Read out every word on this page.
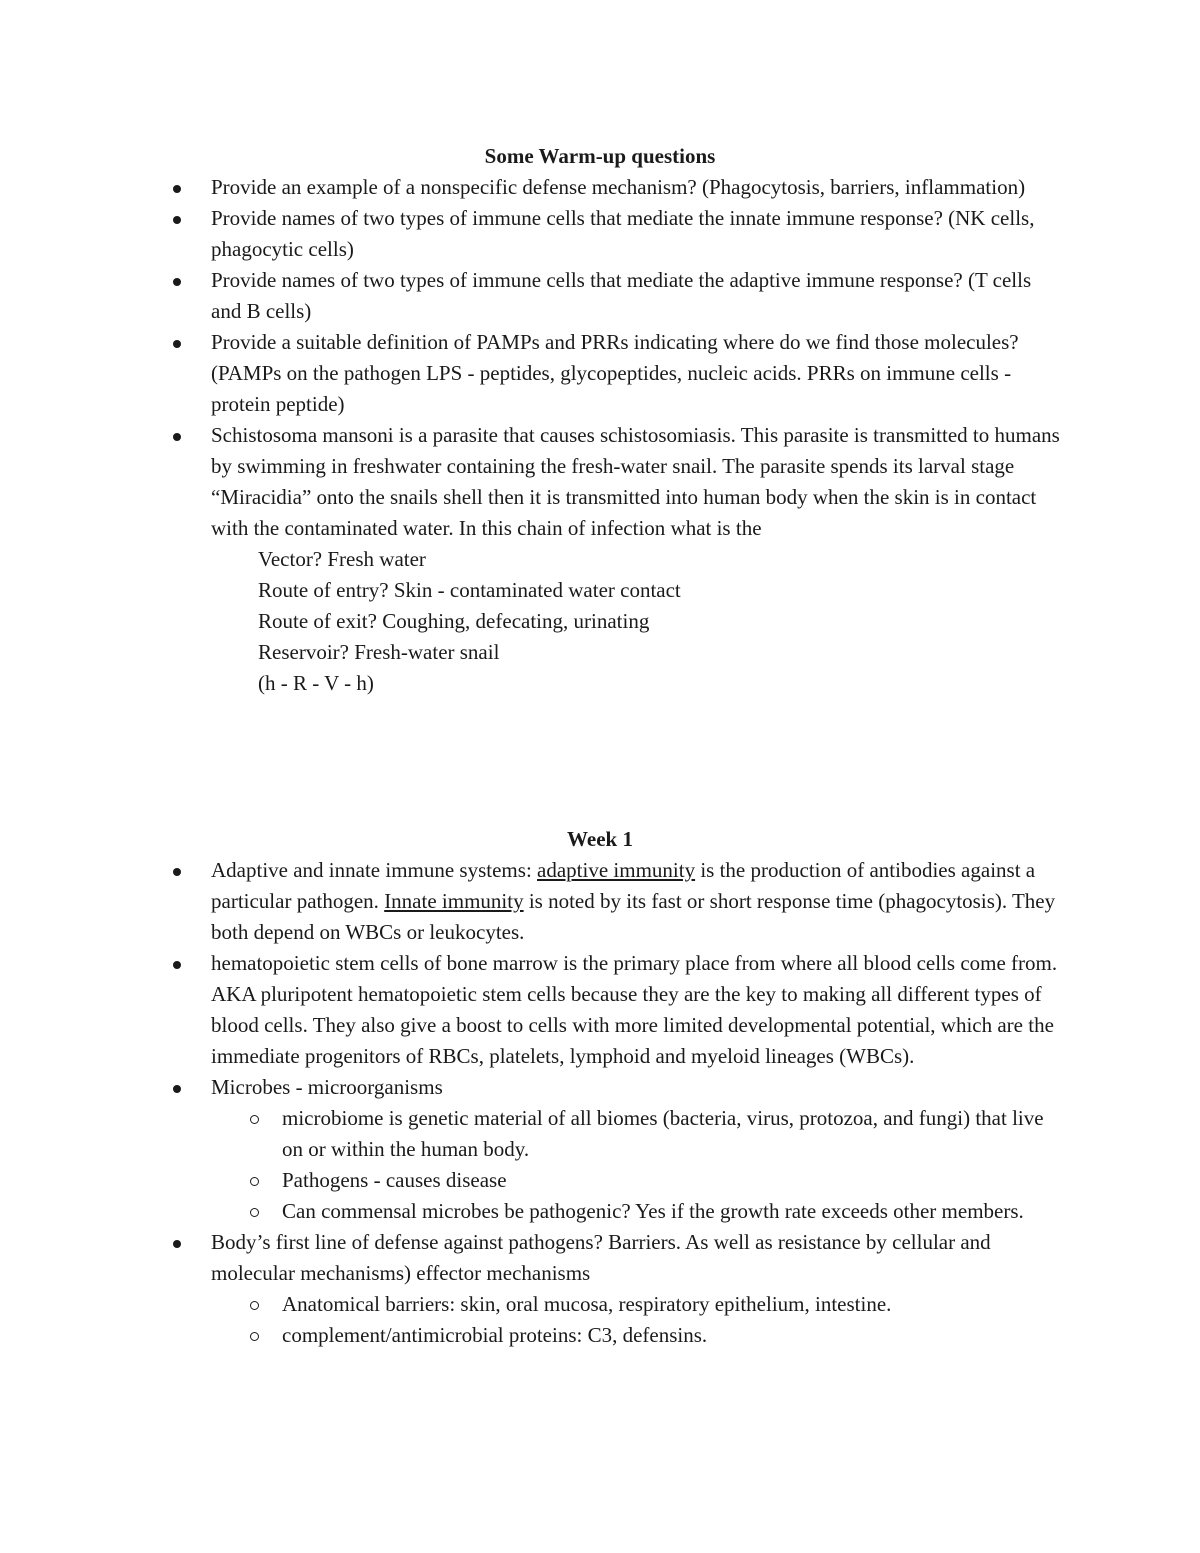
Some Warm-up questions
Provide an example of a nonspecific defense mechanism? (Phagocytosis, barriers, inflammation)
Provide names of two types of immune cells that mediate the innate immune response? (NK cells, phagocytic cells)
Provide names of two types of immune cells that mediate the adaptive immune response? (T cells and B cells)
Provide a suitable definition of PAMPs and PRRs indicating where do we find those molecules? (PAMPs on the pathogen LPS - peptides, glycopeptides, nucleic acids. PRRs on immune cells - protein peptide)
Schistosoma mansoni is a parasite that causes schistosomiasis. This parasite is transmitted to humans by swimming in freshwater containing the fresh-water snail. The parasite spends its larval stage “Miracidia” onto the snails shell then it is transmitted into human body when the skin is in contact with the contaminated water. In this chain of infection what is the
Vector? Fresh water
Route of entry? Skin - contaminated water contact
Route of exit? Coughing, defecating, urinating
Reservoir? Fresh-water snail
(h - R - V - h)
Week 1
Adaptive and innate immune systems: adaptive immunity is the production of antibodies against a particular pathogen. Innate immunity is noted by its fast or short response time (phagocytosis). They both depend on WBCs or leukocytes.
hematopoietic stem cells of bone marrow is the primary place from where all blood cells come from. AKA pluripotent hematopoietic stem cells because they are the key to making all different types of blood cells. They also give a boost to cells with more limited developmental potential, which are the immediate progenitors of RBCs, platelets, lymphoid and myeloid lineages (WBCs).
Microbes - microorganisms
microbiome is genetic material of all biomes (bacteria, virus, protozoa, and fungi) that live on or within the human body.
Pathogens - causes disease
Can commensal microbes be pathogenic? Yes if the growth rate exceeds other members.
Body’s first line of defense against pathogens? Barriers. As well as resistance by cellular and molecular mechanisms) effector mechanisms
Anatomical barriers: skin, oral mucosa, respiratory epithelium, intestine.
complement/antimicrobial proteins: C3, defensins.
